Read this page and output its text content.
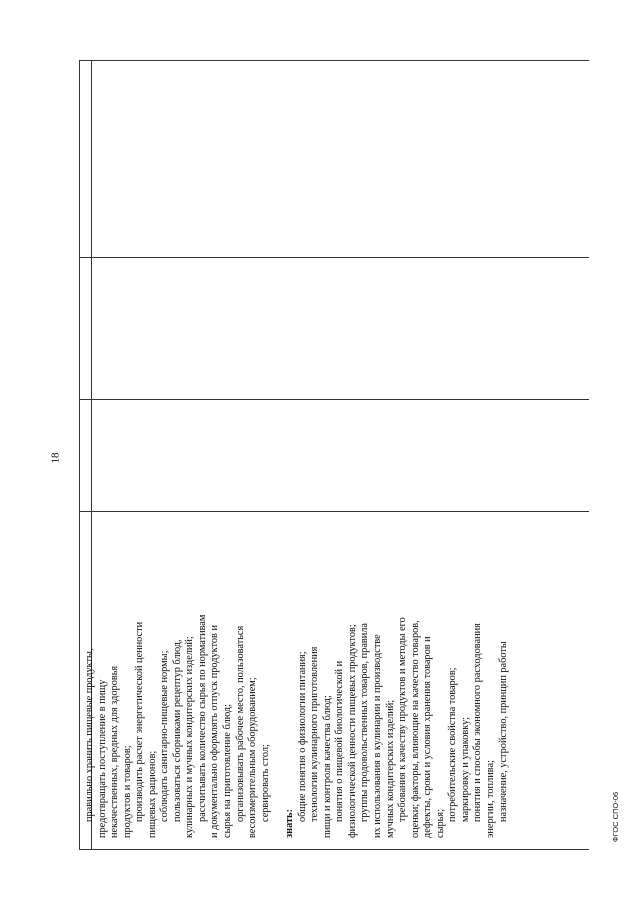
правильно хранить пищевые продукты, предотвращать поступление в пищу некачественных, вредных для здоровья продуктов и товаров; производить расчет энергетической ценности пищевых рационов; соблюдать санитарно-пищевые нормы; пользоваться сборниками рецептур блюд, кулинарных и мучных кондитерских изделий; рассчитывать количество сырья по нормативам и документально оформлять отпуск продуктов и сырья на приготовление блюд; организовывать рабочее место, пользоваться весоизмерительным оборудованием; сервировать стол;
знать:
общие понятия о физиологии питания; технологии кулинарного приготовления пищи и контроля качества блюд; понятия о пищевой биологической и физиологической ценности пищевых продуктов; группы продовольственных товаров, правила их использования в кулинарии и производстве мучных кондитерских изделий; требования к качеству продуктов и методы его оценки; факторы, влияющие на качество товаров, дефекты, сроки и условия хранения товаров и сырья;
потребительские свойства товаров; маркировку и упаковку; понятия и способы экономного расходования энергии, топлива; назначение, устройство, принцип работы
18
ФГОС СПО-06
